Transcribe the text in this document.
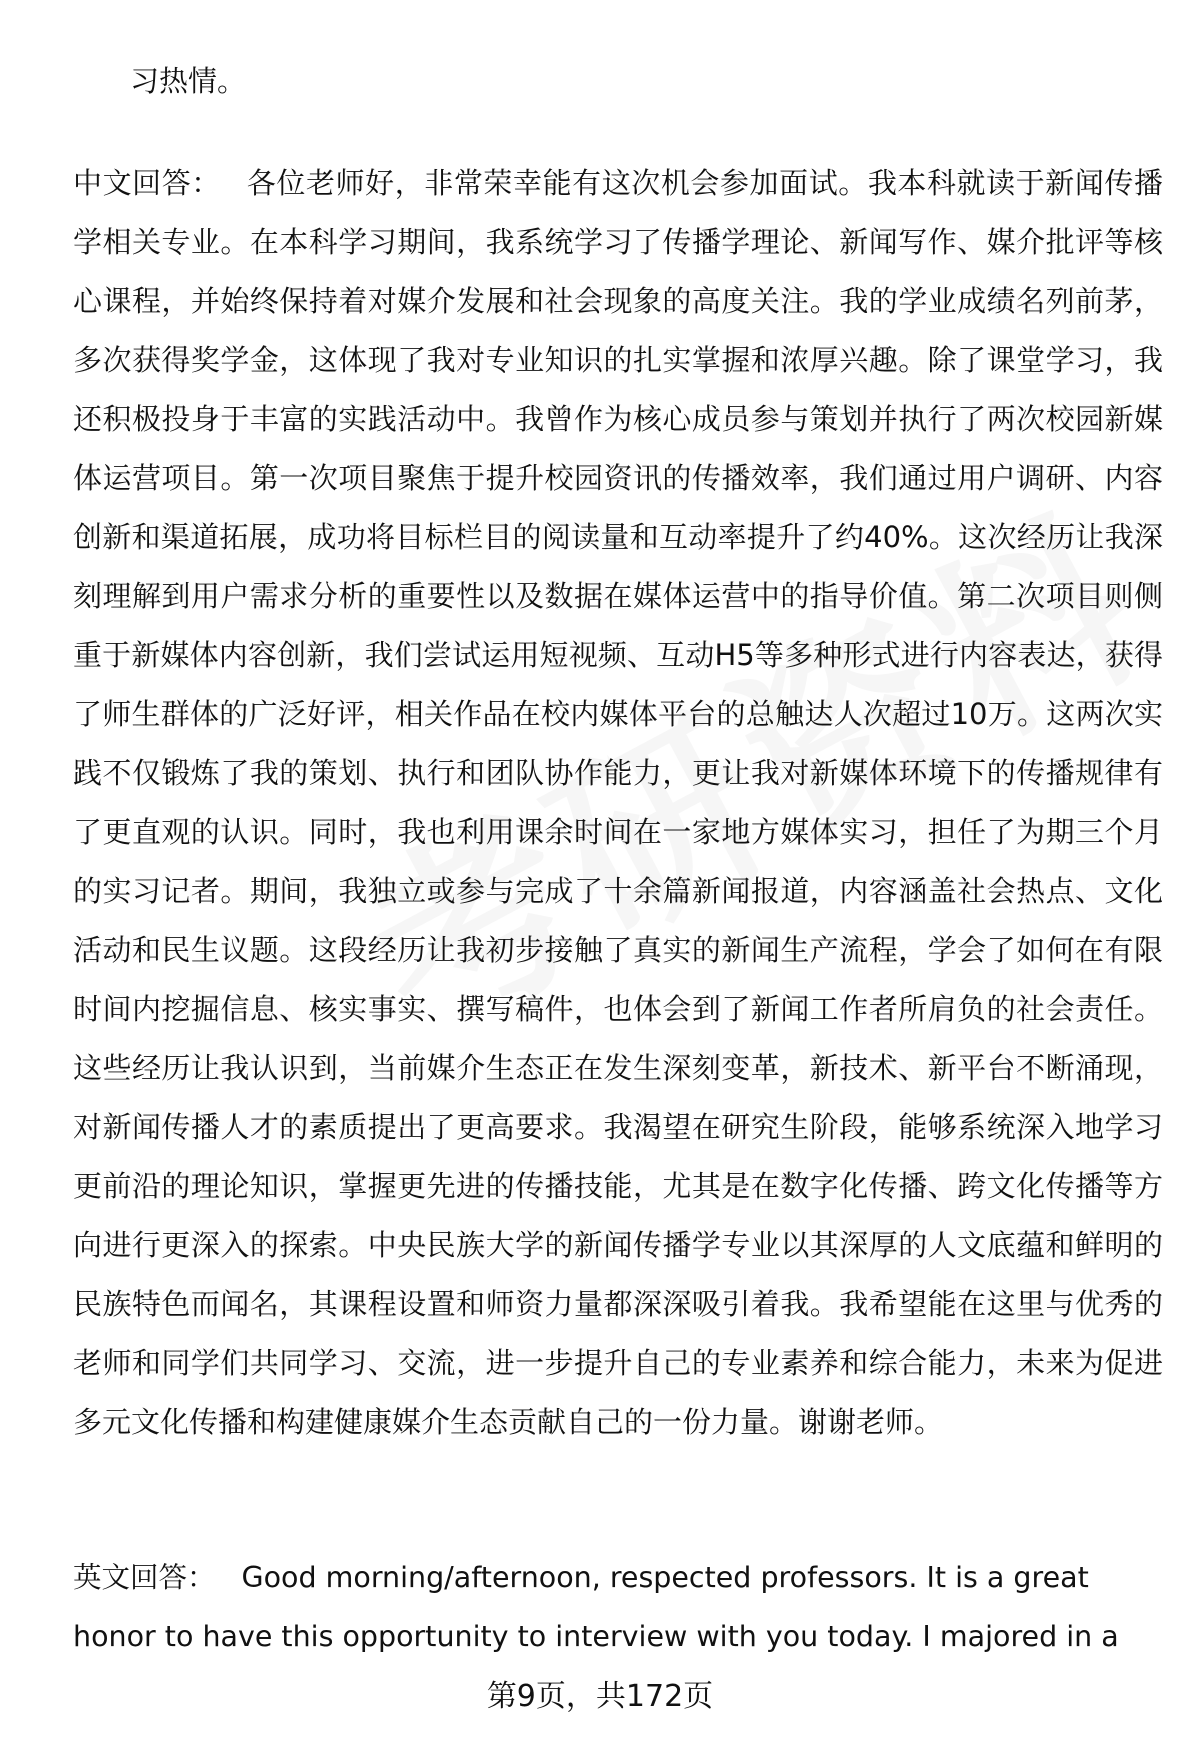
习热情。
中文回答： 各位老师好，非常荣幸能有这次机会参加面试。我本科就读于新闻传播学相关专业。在本科学习期间，我系统学习了传播学理论、新闻写作、媒介批评等核心课程，并始终保持着对媒介发展和社会现象的高度关注。我的学业成绩名列前茅，多次获得奖学金，这体现了我对专业知识的扎实掌握和浓厚兴趣。除了课堂学习，我还积极投身于丰富的实践活动中。我曾作为核心成员参与策划并执行了两次校园新媒体运营项目。第一次项目聚焦于提升校园资讯的传播效率，我们通过用户调研、内容创新和渠道拓展，成功将目标栏目的阅读量和互动率提升了约40%。这次经历让我深刻理解到用户需求分析的重要性以及数据在媒体运营中的指导价值。第二次项目则侧重于新媒体内容创新，我们尝试运用短视频、互动H5等多种形式进行内容表达，获得了师生群体的广泛好评，相关作品在校内媒体平台的总触达人次超过10万。这两次实践不仅锻炼了我的策划、执行和团队协作能力，更让我对新媒体环境下的传播规律有了更直观的认识。同时，我也利用课余时间在一家地方媒体实习，担任了为期三个月的实习记者。期间，我独立或参与完成了十余篇新闻报道，内容涵盖社会热点、文化活动和民生议题。这段经历让我初步接触了真实的新闻生产流程，学会了如何在有限时间内挖掘信息、核实事实、撰写稿件，也体会到了新闻工作者所肩负的社会责任。这些经历让我认识到，当前媒介生态正在发生深刻变革，新技术、新平台不断涌现，对新闻传播人才的素质提出了更高要求。我渴望在研究生阶段，能够系统深入地学习更前沿的理论知识，掌握更先进的传播技能，尤其是在数字化传播、跨文化传播等方向进行更深入的探索。中央民族大学的新闻传播学专业以其深厚的人文底蕴和鲜明的民族特色而闻名，其课程设置和师资力量都深深吸引着我。我希望能在这里与优秀的老师和同学们共同学习、交流，进一步提升自己的专业素养和综合能力，未来为促进多元文化传播和构建健康媒介生态贡献自己的一份力量。谢谢老师。
英文回答： Good morning/afternoon, respected professors. It is a great honor to have this opportunity to interview with you today. I majored in a
第9页，共172页
